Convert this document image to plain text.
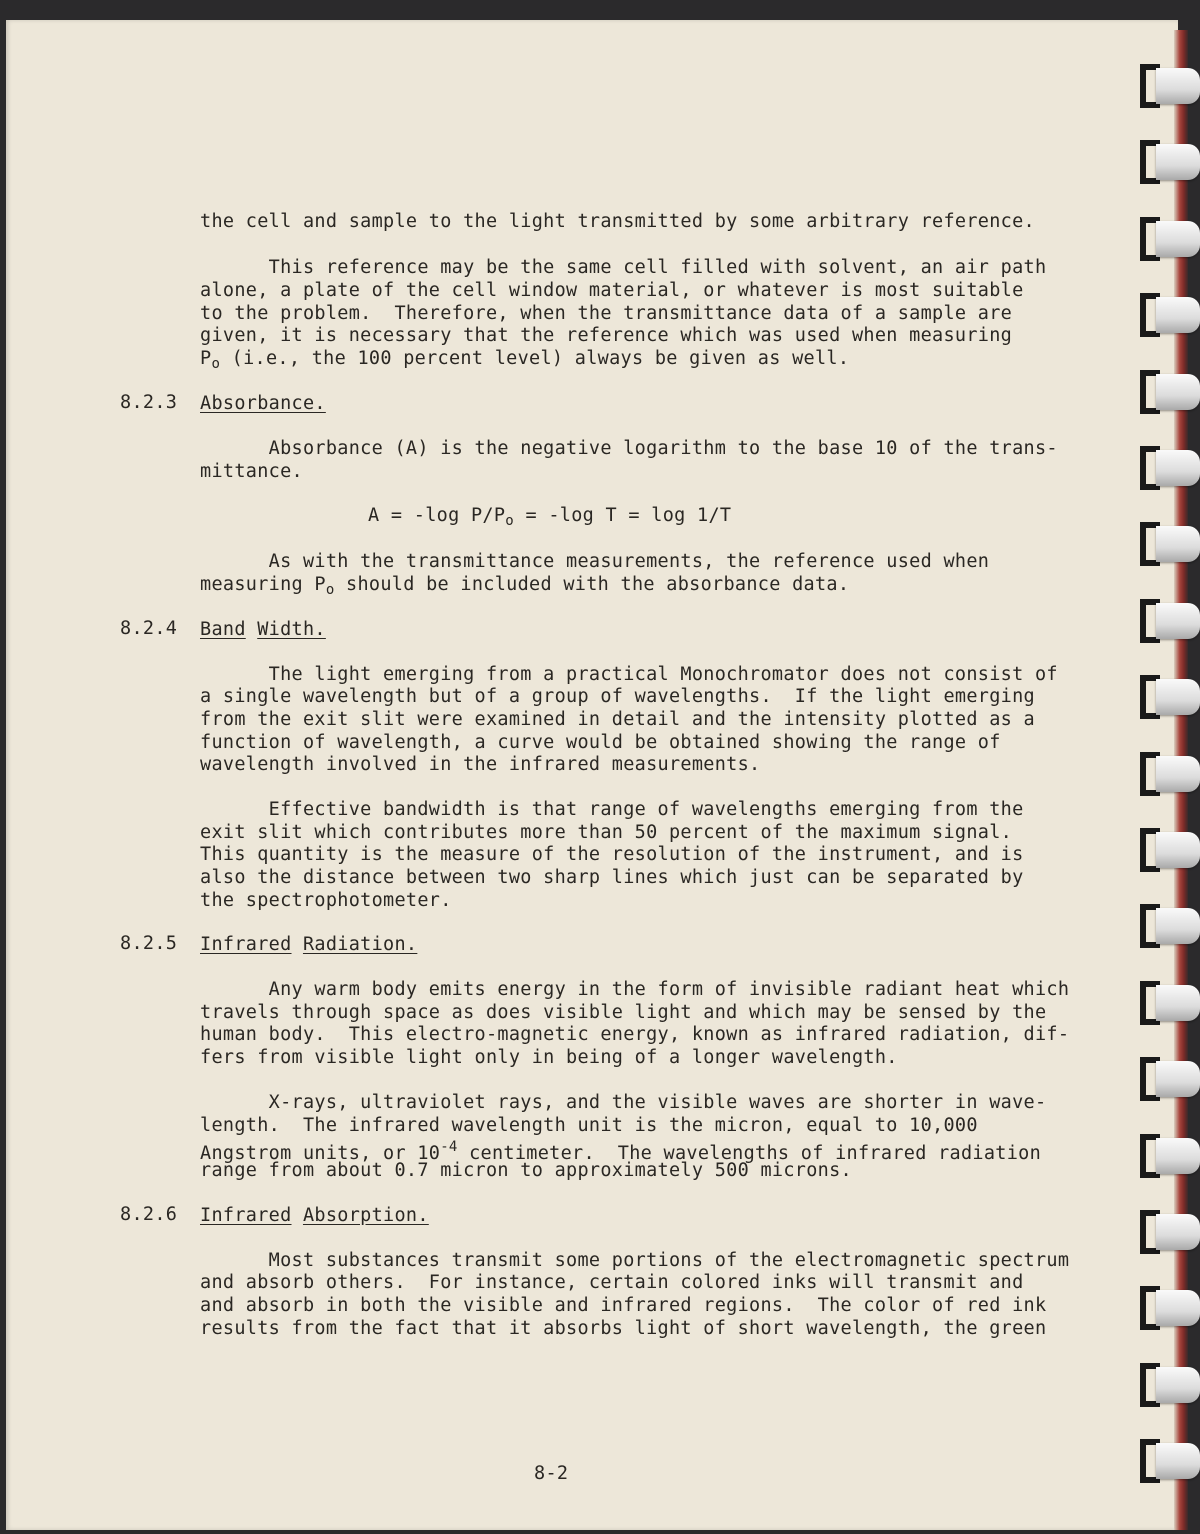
the cell and sample to the light transmitted by some arbitrary reference.
This reference may be the same cell filled with solvent, an air path
alone, a plate of the cell window material, or whatever is most suitable
to the problem.  Therefore, when the transmittance data of a sample are
given, it is necessary that the reference which was used when measuring
$P_o$ (i.e., the 100 percent level) always be given as well.
8.2.3 Absorbance.
Absorbance (A) is the negative logarithm to the base 10 of the trans-
mittance.
A = -log $P/P_o = -\log$ T = log 1/T
As with the transmittance measurements, the reference used when
measuring $P_o$ should be included with the absorbance data.
8.2.4 Band Width.
The light emerging from a practical Monochromator does not consist of
a single wavelength but of a group of wavelengths.  If the light emerging
from the exit slit were examined in detail and the intensity plotted as a
function of wavelength, a curve would be obtained showing the range of
wavelength involved in the infrared measurements.
Effective bandwidth is that range of wavelengths emerging from the
exit slit which contributes more than 50 percent of the maximum signal.
This quantity is the measure of the resolution of the instrument, and is
also the distance between two sharp lines which just can be separated by
the spectrophotometer.
8.2.5 Infrared Radiation.
Any warm body emits energy in the form of invisible radiant heat which
travels through space as does visible light and which may be sensed by the
human body.  This electro-magnetic energy, known as infrared radiation, dif-
fers from visible light only in being of a longer wavelength.
X-rays, ultraviolet rays, and the visible waves are shorter in wave-
length.  The infrared wavelength unit is the micron, equal to 10,000
Angstrom units, or $10^{-4}$ centimeter.  The wavelengths of infrared radiation
range from about 0.7 micron to approximately 500 microns.
8.2.6 Infrared Absorption.
Most substances transmit some portions of the electromagnetic spectrum
and absorb others.  For instance, certain colored inks will transmit and
and absorb in both the visible and infrared regions.  The color of red ink
results from the fact that it absorbs light of short wavelength, the green
8-2
